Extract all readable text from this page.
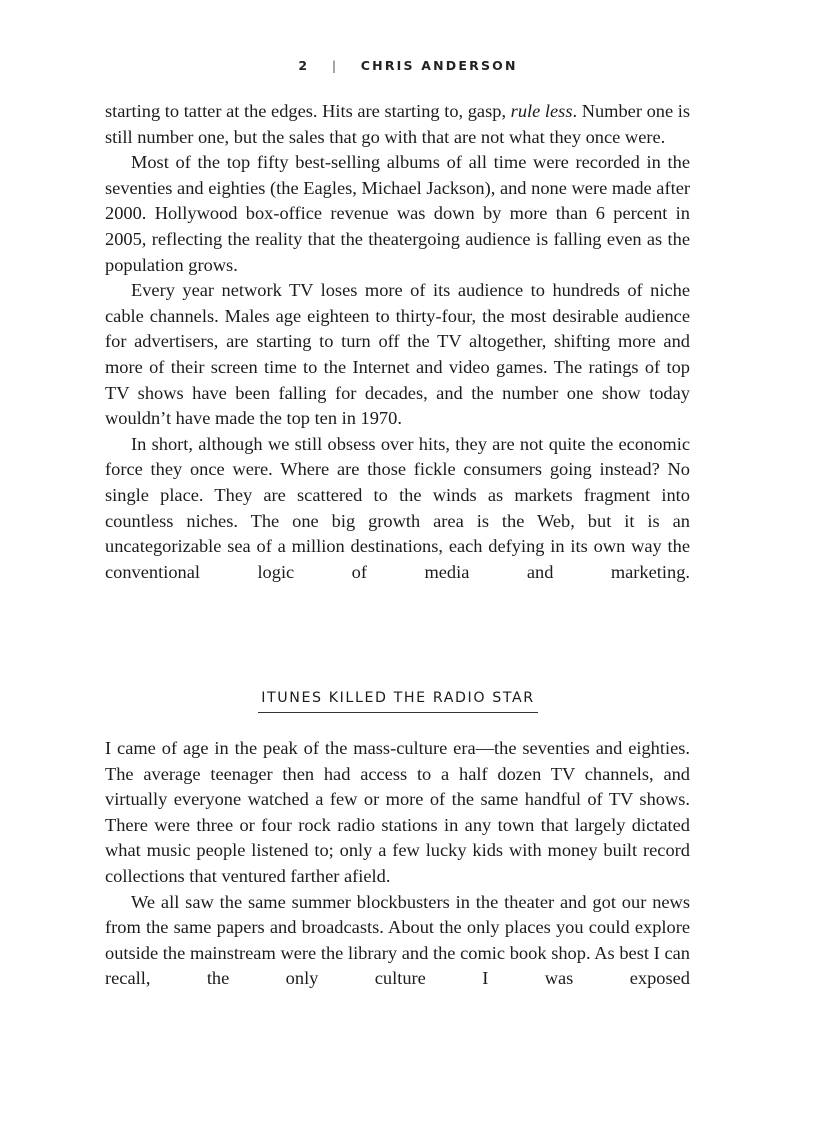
2 | CHRIS ANDERSON

starting to tatter at the edges. Hits are starting to, gasp, rule less. Number one is still number one, but the sales that go with that are not what they once were.

Most of the top fifty best-selling albums of all time were recorded in the seventies and eighties (the Eagles, Michael Jackson), and none were made after 2000. Hollywood box-office revenue was down by more than 6 percent in 2005, reflecting the reality that the theatergoing audience is falling even as the population grows.

Every year network TV loses more of its audience to hundreds of niche cable channels. Males age eighteen to thirty-four, the most desirable audience for advertisers, are starting to turn off the TV altogether, shifting more and more of their screen time to the Internet and video games. The ratings of top TV shows have been falling for decades, and the number one show today wouldn’t have made the top ten in 1970.

In short, although we still obsess over hits, they are not quite the economic force they once were. Where are those fickle consumers going instead? No single place. They are scattered to the winds as markets fragment into countless niches. The one big growth area is the Web, but it is an uncategorizable sea of a million destinations, each defying in its own way the conventional logic of media and marketing.

ITUNES KILLED THE RADIO STAR

I came of age in the peak of the mass-culture era—the seventies and eighties. The average teenager then had access to a half dozen TV channels, and virtually everyone watched a few or more of the same handful of TV shows. There were three or four rock radio stations in any town that largely dictated what music people listened to; only a few lucky kids with money built record collections that ventured farther afield.

We all saw the same summer blockbusters in the theater and got our news from the same papers and broadcasts. About the only places you could explore outside the mainstream were the library and the comic book shop. As best I can recall, the only culture I was exposed
